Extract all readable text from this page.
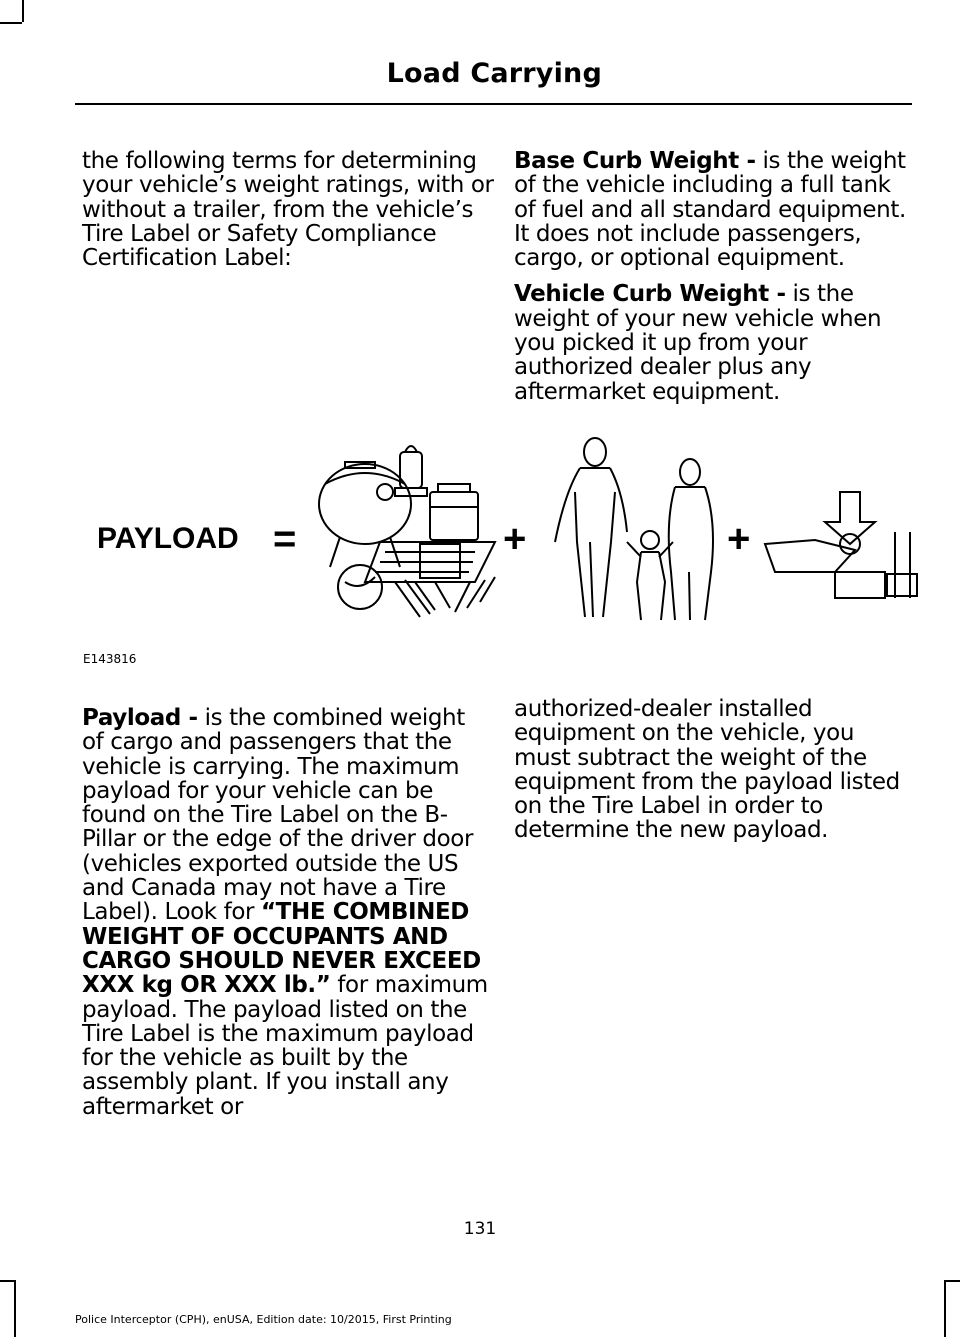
Load Carrying

the following terms for determining your vehicle’s weight ratings, with or without a trailer, from the vehicle’s Tire Label or Safety Compliance Certification Label:

Base Curb Weight - is the weight of the vehicle including a full tank of fuel and all standard equipment. It does not include passengers, cargo, or optional equipment.

Vehicle Curb Weight - is the weight of your new vehicle when you picked it up from your authorized dealer plus any aftermarket equipment.

PAYLOAD =	+	+
E143816

Payload - is the combined weight of cargo and passengers that the vehicle is carrying. The maximum payload for your vehicle can be found on the Tire Label on the B-Pillar or the edge of the driver door (vehicles exported outside the US and Canada may not have a Tire Label). Look for “THE COMBINED WEIGHT OF OCCUPANTS AND CARGO SHOULD NEVER EXCEED XXX kg OR XXX lb.” for maximum payload. The payload listed on the Tire Label is the maximum payload for the vehicle as built by the assembly plant. If you install any aftermarket or

authorized-dealer installed equipment on the vehicle, you must subtract the weight of the equipment from the payload listed on the Tire Label in order to determine the new payload.

131
Police Interceptor (CPH), enUSA, Edition date: 10/2015, First Printing
